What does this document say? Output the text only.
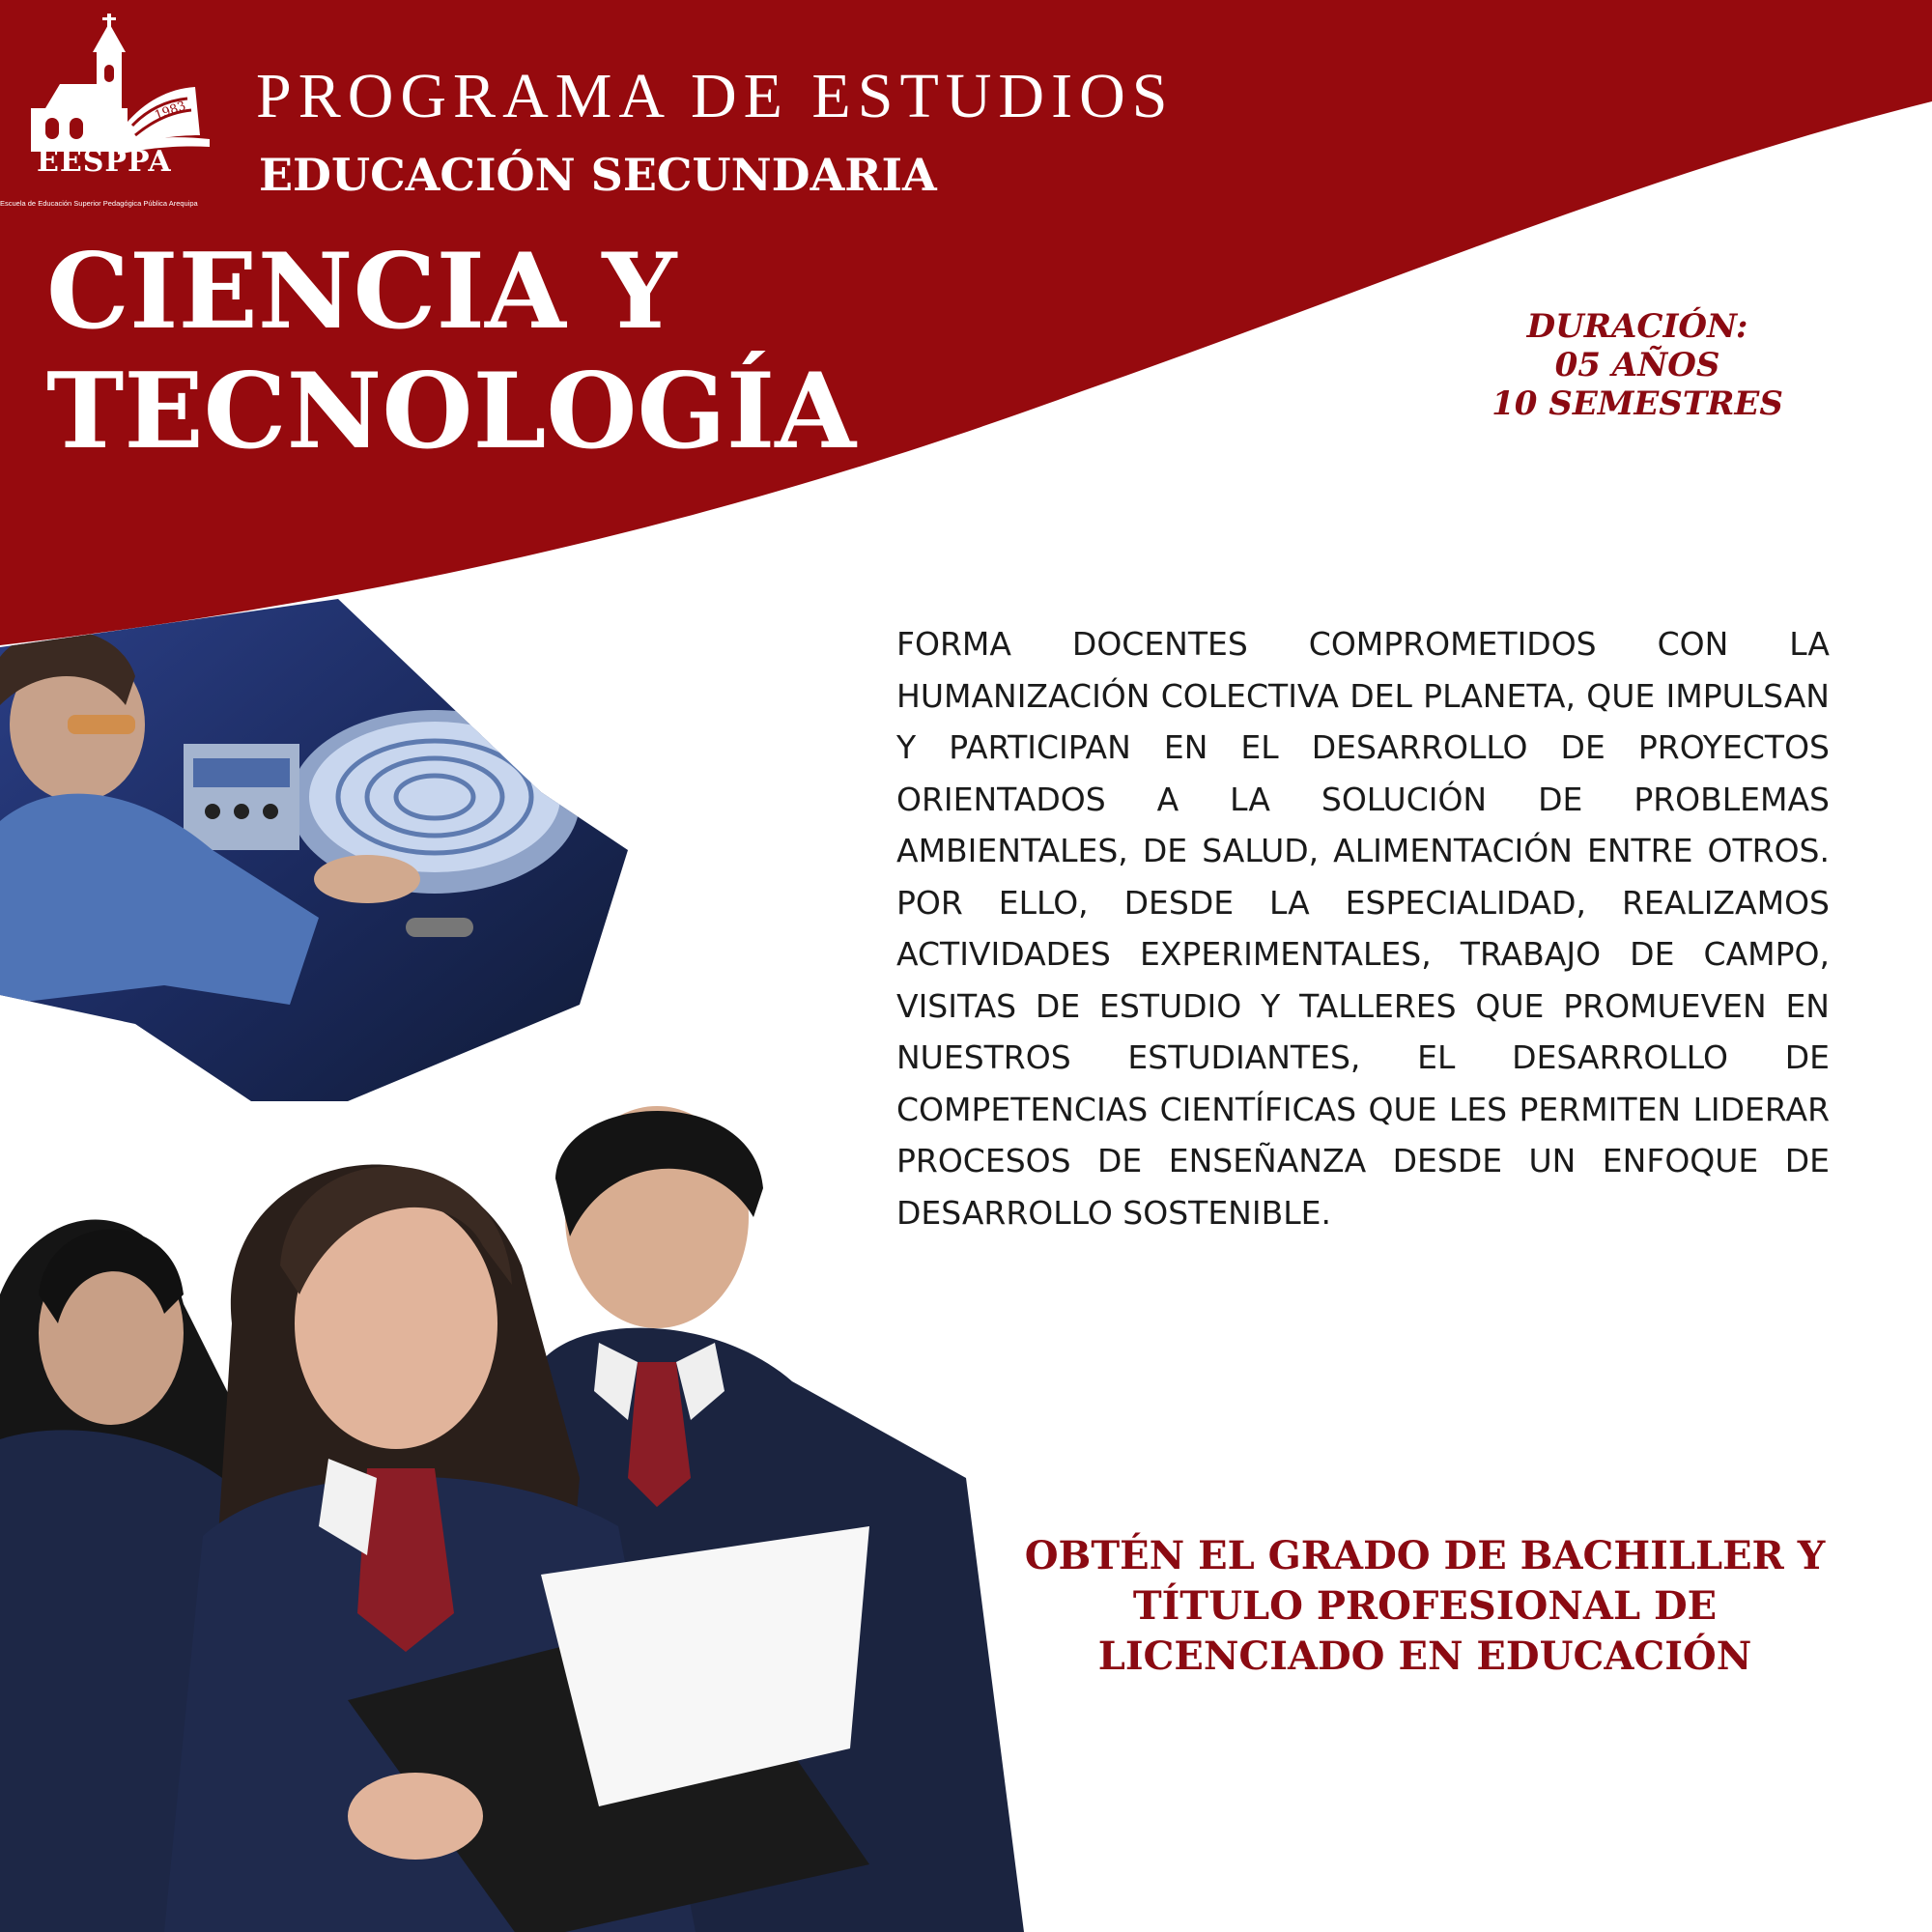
1983
EESPPA
Escuela de Educación Superior Pedagógica Pública Arequipa
PROGRAMA DE ESTUDIOS
EDUCACIÓN SECUNDARIA
CIENCIA Y
TECNOLOGÍA
DURACIÓN:
05 AÑOS
10 SEMESTRES
FORMA DOCENTES COMPROMETIDOS CON LA HUMANIZACIÓN COLECTIVA DEL PLANETA, QUE IMPULSAN Y PARTICIPAN EN EL DESARROLLO DE PROYECTOS ORIENTADOS A LA SOLUCIÓN DE PROBLEMAS AMBIENTALES, DE SALUD, ALIMENTACIÓN ENTRE OTROS. POR ELLO, DESDE LA ESPECIALIDAD, REALIZAMOS ACTIVIDADES EXPERIMENTALES, TRABAJO DE CAMPO, VISITAS DE ESTUDIO Y TALLERES QUE PROMUEVEN EN NUESTROS ESTUDIANTES, EL DESARROLLO DE COMPETENCIAS CIENTÍFICAS QUE LES PERMITEN LIDERAR PROCESOS DE ENSEÑANZA DESDE UN ENFOQUE DE DESARROLLO SOSTENIBLE.
OBTÉN EL GRADO DE BACHILLER Y
TÍTULO PROFESIONAL DE
LICENCIADO EN EDUCACIÓN
